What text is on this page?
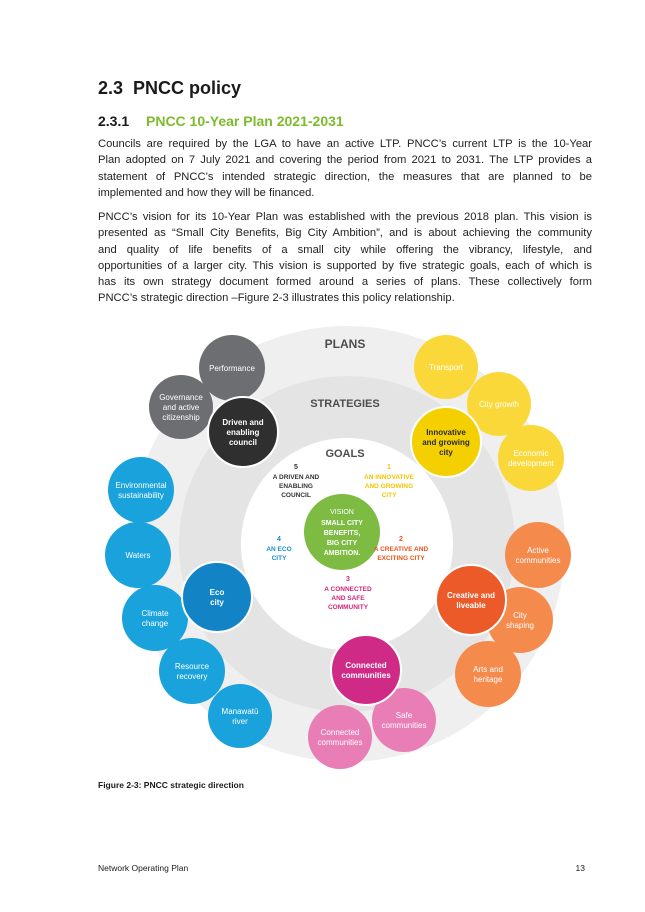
2.3 PNCC policy
2.3.1 PNCC 10-Year Plan 2021-2031
Councils are required by the LGA to have an active LTP. PNCC’s current LTP is the 10-Year
Plan adopted on 7 July 2021 and covering the period from 2021 to 2031. The LTP provides a
statement of PNCC’s intended strategic direction, the measures that are planned to be
implemented and how they will be financed.
PNCC’s vision for its 10-Year Plan was established with the previous 2018 plan. This vision is
presented as “Small City Benefits, Big City Ambition”, and is about achieving the community
and quality of life benefits of a small city while offering the vibrancy, lifestyle, and
opportunities of a larger city. This vision is supported by five strategic goals, each of which is
has its own strategy document formed around a series of plans. These collectively form
PNCC’s strategic direction –Figure 2-3 illustrates this policy relationship.
PLANS
STRATEGIES
GOALS
VISION
SMALL CITY
BENEFITS,
BIG CITY
AMBITION.
1
AN INNOVATIVE
AND GROWING
CITY
2
A CREATIVE AND
EXCITING CITY
3
A CONNECTED
AND SAFE
COMMUNITY
4
AN ECO
CITY
5
A DRIVEN AND
ENABLING
COUNCIL
Performance
Governance
and active
citizenship
Transport
City growth
Economic
development
Active
communities
City
shaping
Arts and
heritage
Safe
communities
Connected
communities
Environmental
sustainability
Waters
Climate
change
Resource
recovery
Manawatū
river
Driven and
enabling
council
Innovative
and growing
city
Creative and
liveable
Connected
communities
Eco
city
Figure 2-3: PNCC strategic direction
Network Operating Plan	13
